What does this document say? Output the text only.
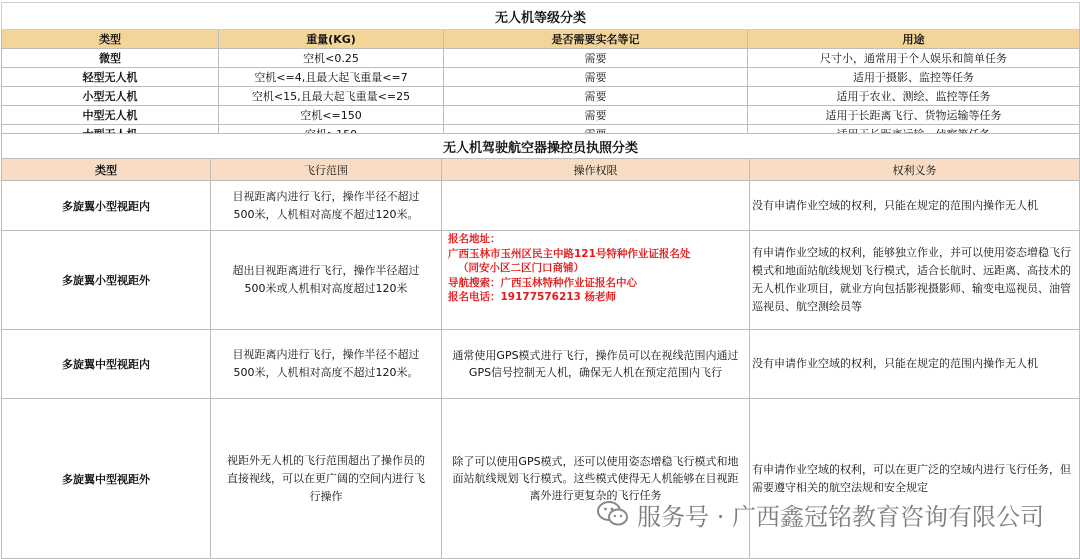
无人机等级分类			
类型	重量(KG)	是否需要实名等记	用途
微型	空机<0.25	需要	尺寸小，通常用于个人娱乐和简单任务
轻型无人机	空机<=4,且最大起飞重量<=7	需要	适用于摄影、监控等任务
小型无人机	空机<15,且最大起飞重量<=25	需要	适用于农业、测绘、监控等任务
中型无人机	空机<=150	需要	适用于长距离飞行、货物运输等任务

无人机驾驶航空器操控员执照分类			
类型	飞行范围	操作权限	权利义务
多旋翼小型视距内	目视距离内进行飞行，操作半径不超过500米，人机相对高度不超过120米。		没有申请作业空域的权利，只能在规定的范围内操作无人机
多旋翼小型视距外	超出目视距离进行飞行，操作半径超过500米或人机相对高度超过120米	报名地址：
广西玉林市玉州区民主中路121号特种作业证报名处
（同安小区二区门口商铺）
导航搜索：广西玉林特种作业证报名中心
报名电话：19177576213 杨老师	有申请作业空域的权利，能够独立作业，并可以使用姿态增稳飞行模式和地面站航线规划飞行模式，适合长航时、远距离、高技术的无人机作业项目，就业方向包括影视摄影师、输变电巡视员、油管巡视员、航空测绘员等
多旋翼中型视距内	目视距离内进行飞行，操作半径不超过500米，人机相对高度不超过120米。	通常使用GPS模式进行飞行，操作员可以在视线范围内通过GPS信号控制无人机，确保无人机在预定范围内飞行	没有申请作业空域的权利，只能在规定的范围内操作无人机
多旋翼中型视距外	视距外无人机的飞行范围超出了操作员的直接视线，可以在更广阔的空间内进行飞行操作	除了可以使用GPS模式，还可以使用姿态增稳飞行模式和地面站航线规划飞行模式。这些模式使得无人机能够在目视距离外进行更复杂的飞行任务	有申请作业空域的权利，可以在更广泛的空域内进行飞行任务，但需要遵守相关的航空法规和安全规定
服务号 · 广西鑫冠铭教育咨询有限公司
